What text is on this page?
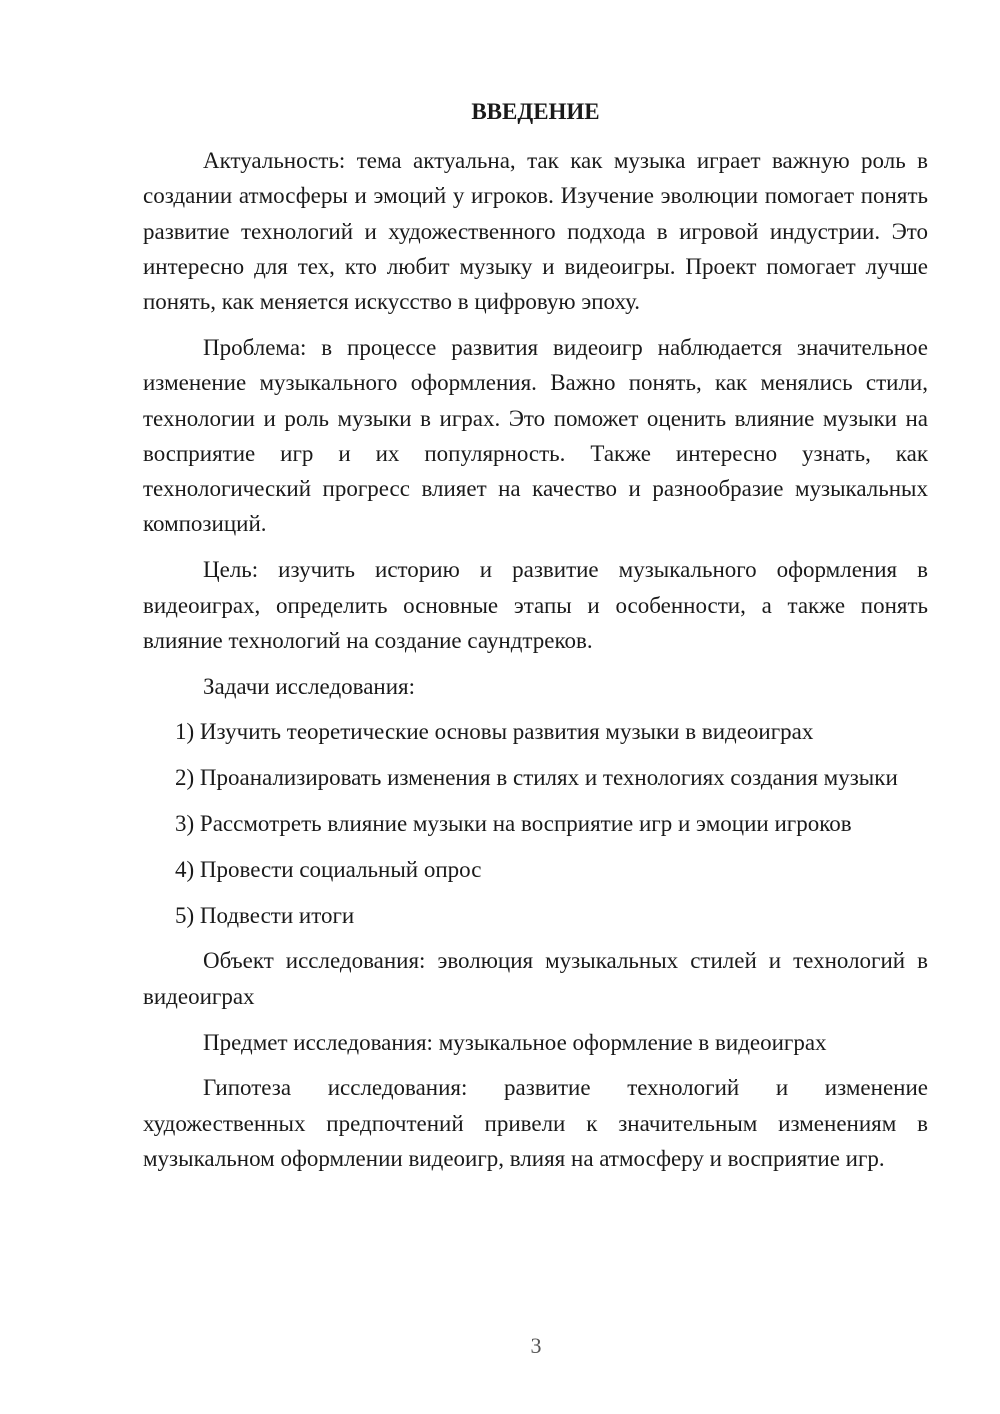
ВВЕДЕНИЕ

Актуальность: тема актуальна, так как музыка играет важную роль в создании атмосферы и эмоций у игроков. Изучение эволюции помогает понять развитие технологий и художественного подхода в игровой индустрии. Это интересно для тех, кто любит музыку и видеоигры. Проект помогает лучше понять, как меняется искусство в цифровую эпоху.

Проблема: в процессе развития видеоигр наблюдается значительное изменение музыкального оформления. Важно понять, как менялись стили, технологии и роль музыки в играх. Это поможет оценить влияние музыки на восприятие игр и их популярность. Также интересно узнать, как технологический прогресс влияет на качество и разнообразие музыкальных композиций.

Цель: изучить историю и развитие музыкального оформления в видеоиграх, определить основные этапы и особенности, а также понять влияние технологий на создание саундтреков.

Задачи исследования:

1) Изучить теоретические основы развития музыки в видеоиграх

2) Проанализировать изменения в стилях и технологиях создания музыки

3) Рассмотреть влияние музыки на восприятие игр и эмоции игроков

4) Провести социальный опрос

5) Подвести итоги

Объект исследования: эволюция музыкальных стилей и технологий в видеоиграх

Предмет исследования: музыкальное оформление в видеоиграх

Гипотеза исследования: развитие технологий и изменение художественных предпочтений привели к значительным изменениям в музыкальном оформлении видеоигр, влияя на атмосферу и восприятие игр.

3
